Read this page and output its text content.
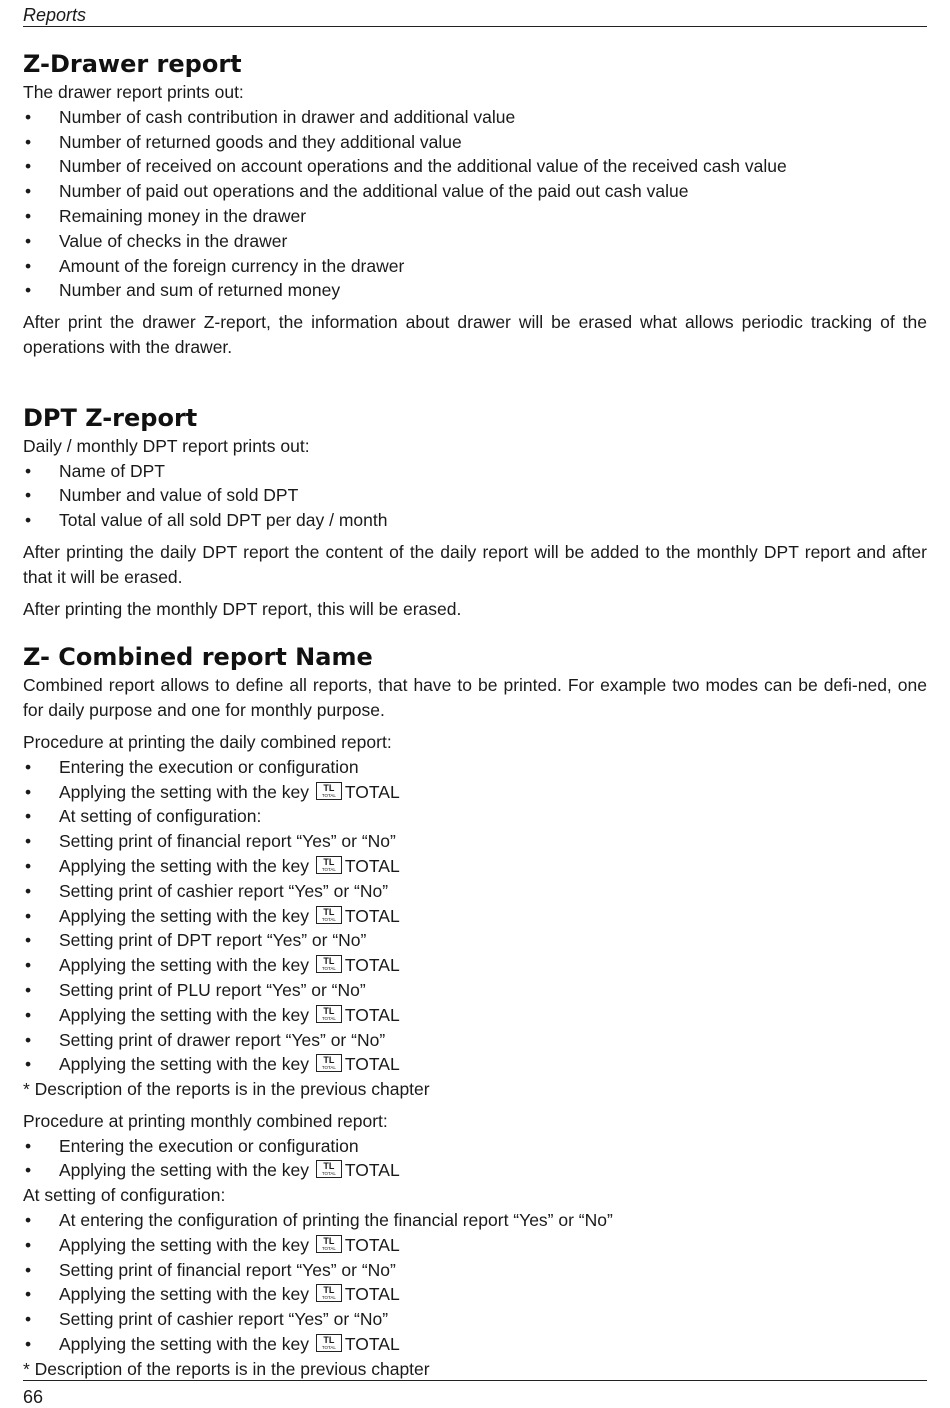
Reports
Z-Drawer report

The drawer report prints out:

• Number of cash contribution in drawer and additional value
• Number of returned goods and they additional value
• Number of received on account operations and the additional value of the received cash value
• Number of paid out operations and the additional value of the paid out cash value
• Remaining money in the drawer
• Value of checks in the drawer
• Amount of the foreign currency in the drawer
• Number and sum of returned money

After print the drawer Z-report, the information about drawer will be erased what allows periodic tracking of the operations with the drawer.

DPT Z-report

Daily / monthly DPT report prints out:

• Name of DPT
• Number and value of sold DPT
• Total value of all sold DPT per day / month

After printing the daily DPT report the content of the daily report will be added to the monthly DPT report and after that it will be erased.

After printing the monthly DPT report, this will be erased.

Z- Combined report Name

Combined report allows to define all reports, that have to be printed. For example two modes can be defi-ned, one for daily purpose and one for monthly purpose.

Procedure at printing the daily combined report:

• Entering the execution or configuration
• Applying the setting with the key	TL
TOTAL TOTAL
• At setting of configuration:
• Setting print of financial report “Yes” or “No”
• Applying the setting with the key	TL
TOTAL TOTAL
• Setting print of cashier report “Yes” or “No”
• Applying the setting with the key	TL
TOTAL TOTAL
• Setting print of DPT report “Yes” or “No”
• Applying the setting with the key	TL
TOTAL TOTAL
• Setting print of PLU report “Yes” or “No”
• Applying the setting with the key	TL
TOTAL TOTAL
• Setting print of drawer report “Yes” or “No”
• Applying the setting with the key	TL
TOTAL TOTAL

* Description of the reports is in the previous chapter

Procedure at printing monthly combined report:

• Entering the execution or configuration
• Applying the setting with the key	TL
TOTAL TOTAL

At setting of configuration:

• At entering the configuration of printing the financial report “Yes” or “No”
• Applying the setting with the key	TL
TOTAL TOTAL
• Setting print of financial report “Yes” or “No”
• Applying the setting with the key	TL
TOTAL TOTAL
• Setting print of cashier report “Yes” or “No”
• Applying the setting with the key	TL
TOTAL TOTAL

* Description of the reports is in the previous chapter

66
